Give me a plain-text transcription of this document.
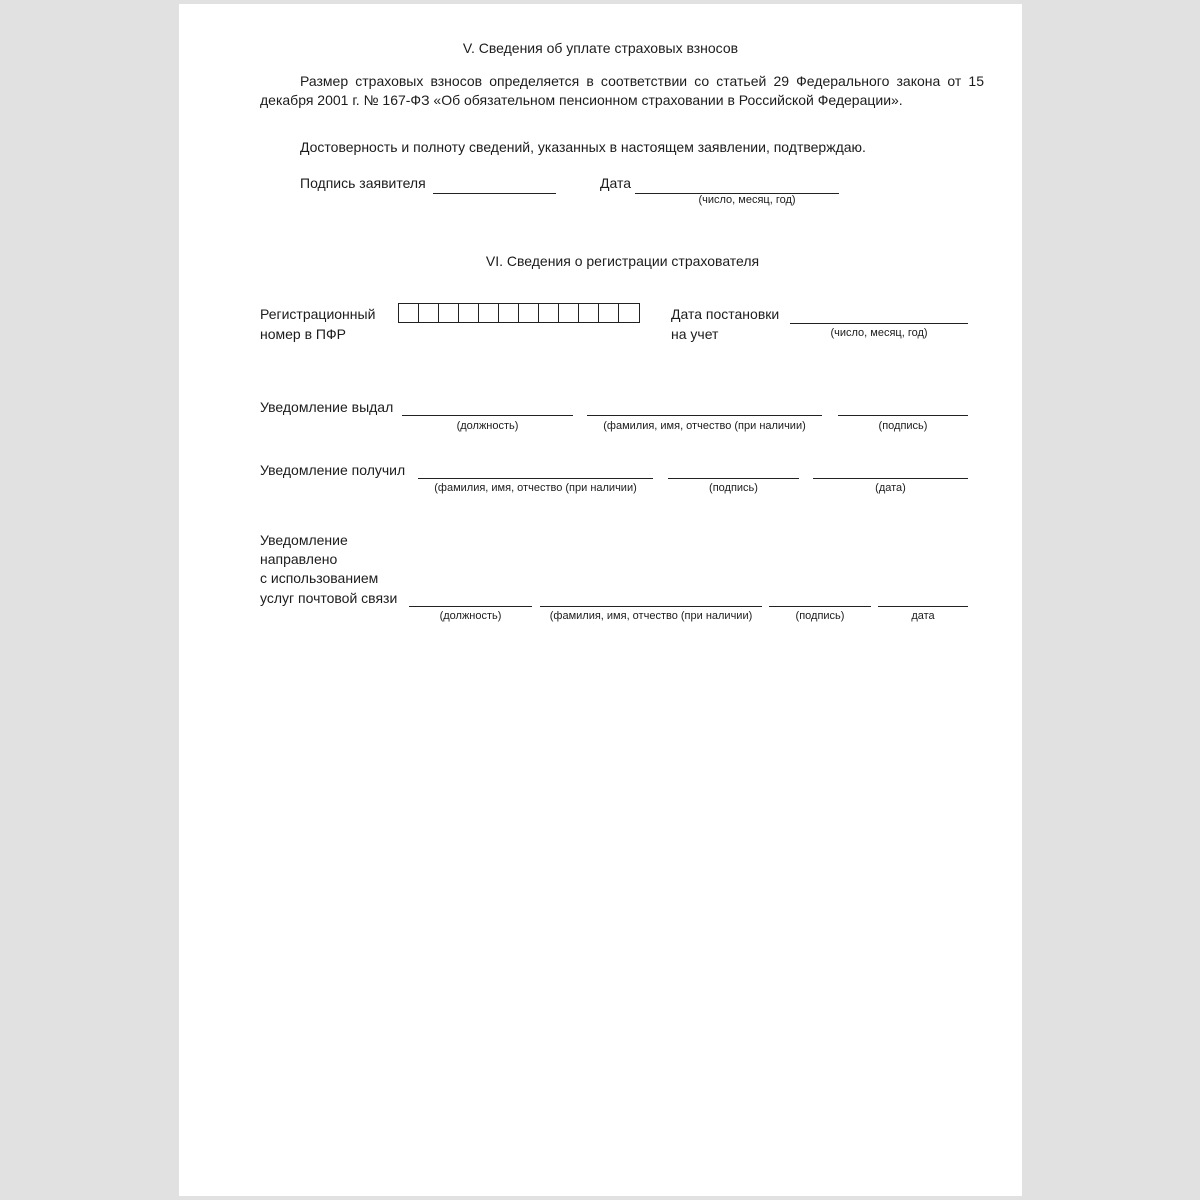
V. Сведения об уплате страховых взносов
Размер страховых взносов определяется в соответствии со статьей 29 Федерального закона от 15 декабря 2001 г. № 167-ФЗ «Об обязательном пенсионном страховании в Российской Федерации».
Достоверность и полноту сведений, указанных в настоящем заявлении, подтверждаю.
Подпись заявителя	Дата
(число, месяц, год)
VI. Сведения о регистрации страхователя
Регистрационный
номер в ПФР
Дата постановки
на учет	(число, месяц, год)
Уведомление выдал
(должность)	(фамилия, имя, отчество (при наличии)	(подпись)
Уведомление получил
(фамилия, имя, отчество (при наличии)	(подпись)	(дата)
Уведомление
направлено
с использованием
услуг почтовой связи
(должность)	(фамилия, имя, отчество (при наличии)	(подпись)	дата
